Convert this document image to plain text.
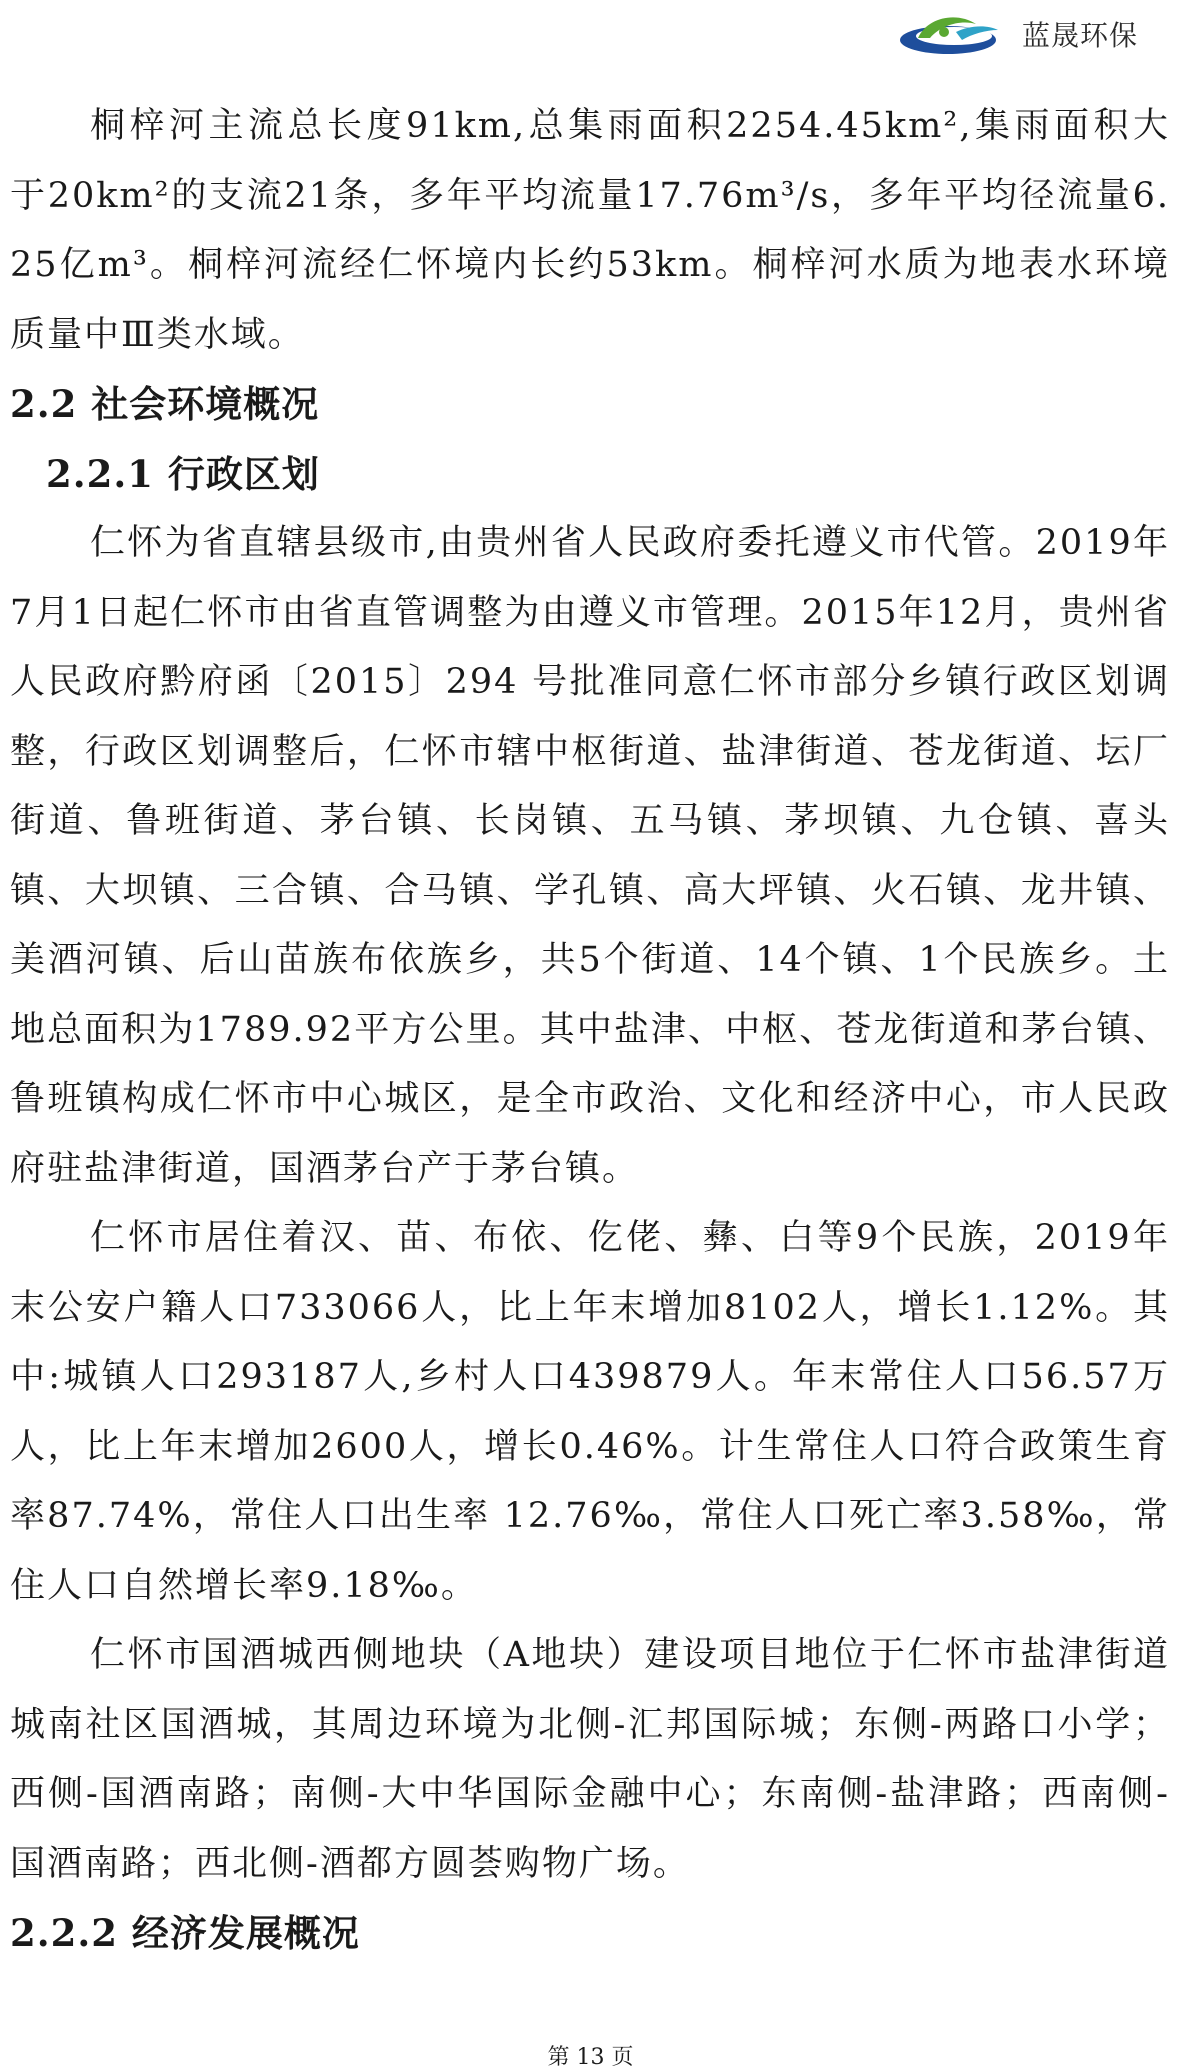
蓝晟环保

桐梓河主流总长度91km,总集雨面积2254.45km²,集雨面积大 于20km²的支流21条，多年平均流量17.76m³/s，多年平均径流量6.25亿m³。桐梓河流经仁怀境内长约53km。桐梓河水质为地表水环境质量中Ⅲ类水域。

2.2 社会环境概况

2.2.1 行政区划

仁怀为省直辖县级市,由贵州省人民政府委托遵义市代管。2019年7月1日起仁怀市由省直管调整为由遵义市管理。2015年12月，贵州省人民政府黔府函〔2015〕294 号批准同意仁怀市部分乡镇行政区划调整，行政区划调整后，仁怀市辖中枢街道、盐津街道、苍龙街道、坛厂街道、鲁班街道、茅台镇、长岗镇、五马镇、茅坝镇、九仓镇、喜头镇、大坝镇、三合镇、合马镇、学孔镇、高大坪镇、火石镇、龙井镇、美酒河镇、后山苗族布依族乡，共5个街道、14个镇、1个民族乡。土地总面积为1789.92平方公里。其中盐津、中枢、苍龙街道和茅台镇、鲁班镇构成仁怀市中心城区，是全市政治、文化和经济中心，市人民政府驻盐津街道，国酒茅台产于茅台镇。

仁怀市居住着汉、苗、布依、仡佬、彝、白等9个民族，2019年末公安户籍人口733066人，比上年末增加8102人，增长1.12%。其中:城镇人口293187人,乡村人口439879人。年末常住人口56.57万人，比上年末增加2600人，增长0.46%。计生常住人口符合政策生育率87.74%，常住人口出生率 12.76‰，常住人口死亡率3.58‰，常住人口自然增长率9.18‰。

仁怀市国酒城西侧地块（A地块）建设项目地位于仁怀市盐津街道城南社区国酒城，其周边环境为北侧-汇邦国际城；东侧-两路口小学；西侧-国酒南路；南侧-大中华国际金融中心；东南侧-盐津路；西南侧-国酒南路；西北侧-酒都方圆荟购物广场。

2.2.2 经济发展概况

第 13 页
